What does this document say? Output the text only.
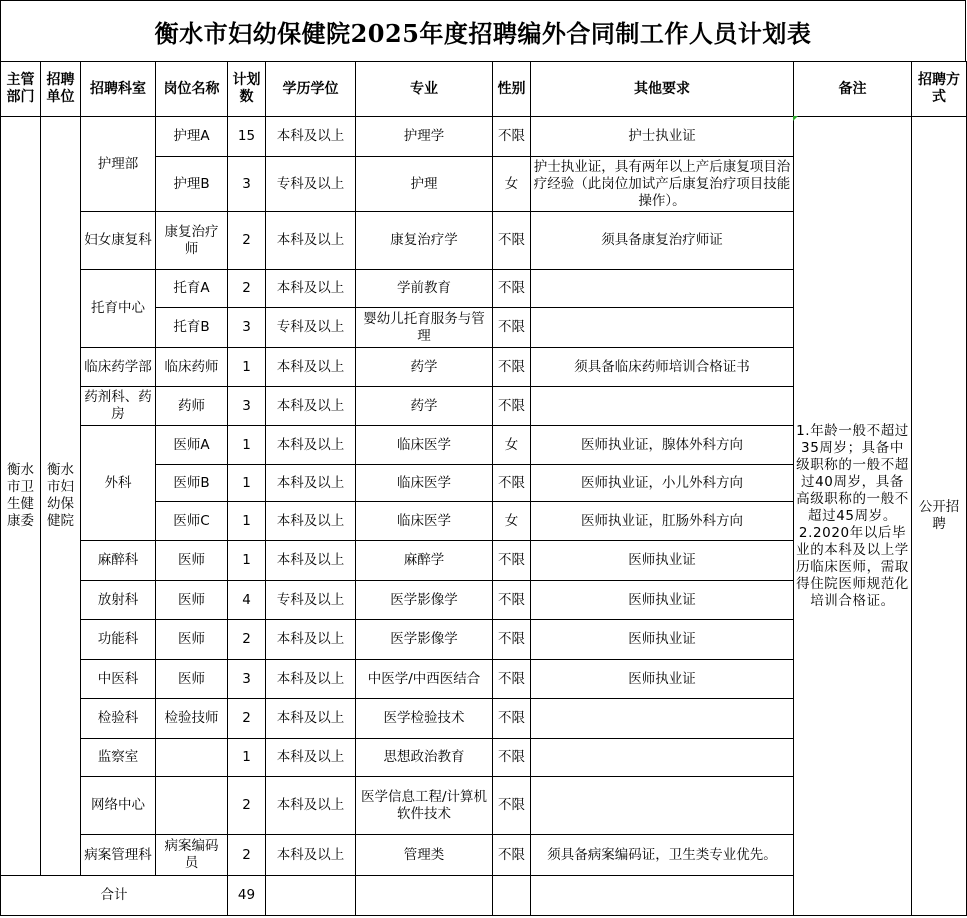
衡水市妇幼保健院2025年度招聘编外合同制工作人员计划表
主管部门	招聘单位	招聘科室	岗位名称	计划数	学历学位	专业	性别	其他要求	备注	招聘方式
衡水市卫生健康委	衡水市妇幼保健院	护理部	护理A	15	本科及以上	护理学	不限	护士执业证	1.年龄一般不超过35周岁；具备中级职称的一般不超过40周岁，具备高级职称的一般不超过45周岁。2.2020年以后毕业的本科及以上学历临床医师，需取得住院医师规范化培训合格证。	公开招聘
			护理B	3	专科及以上	护理	女	护士执业证，具有两年以上产后康复项目治疗经验（此岗位加试产后康复治疗项目技能操作）。		
		妇女康复科	康复治疗师	2	本科及以上	康复治疗学	不限	须具备康复治疗师证		
		托育中心	托育A	2	本科及以上	学前教育	不限			
			托育B	3	专科及以上	婴幼儿托育服务与管理	不限			
		临床药学部	临床药师	1	本科及以上	药学	不限	须具备临床药师培训合格证书		
		药剂科、药房	药师	3	本科及以上	药学	不限			
		外科	医师A	1	本科及以上	临床医学	女	医师执业证，腺体外科方向		
			医师B	1	本科及以上	临床医学	不限	医师执业证，小儿外科方向		
			医师C	1	本科及以上	临床医学	女	医师执业证，肛肠外科方向		
		麻醉科	医师	1	本科及以上	麻醉学	不限	医师执业证		
		放射科	医师	4	专科及以上	医学影像学	不限	医师执业证		
		功能科	医师	2	本科及以上	医学影像学	不限	医师执业证		
		中医科	医师	3	本科及以上	中医学/中西医结合	不限	医师执业证		
		检验科	检验技师	2	本科及以上	医学检验技术	不限			
		监察室		1	本科及以上	思想政治教育	不限			
		网络中心		2	本科及以上	医学信息工程/计算机软件技术	不限			
		病案管理科	病案编码员	2	本科及以上	管理类	不限	须具备病案编码证，卫生类专业优先。		
合计				49						
